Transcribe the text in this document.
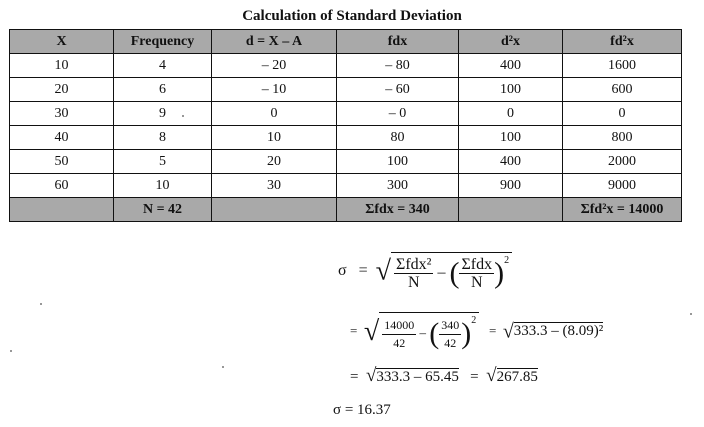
Calculation of Standard Deviation
X	Frequency	d = X – A	fdx	d²x	fd²x
10	4	– 20	– 80	400	1600
20	6	– 10	– 60	100	600
30	9	0	– 0	0	0
40	8	10	80	100	800
50	5	20	100	400	2000
60	10	30	300	900	9000
	N = 42		Σfdx = 340		Σfd²x = 14000
σ = √ $\frac{\text{Σfdx²}}{N}$ – ( $\frac{\text{Σfdx}}{N} )^2$
= √ $\frac{14000}{42}$ – ( $\frac{340}{42} )^2 = √333.3 - (8.09)^2$
= √333.3 – 65.45 = √267.85
σ = 16.37
